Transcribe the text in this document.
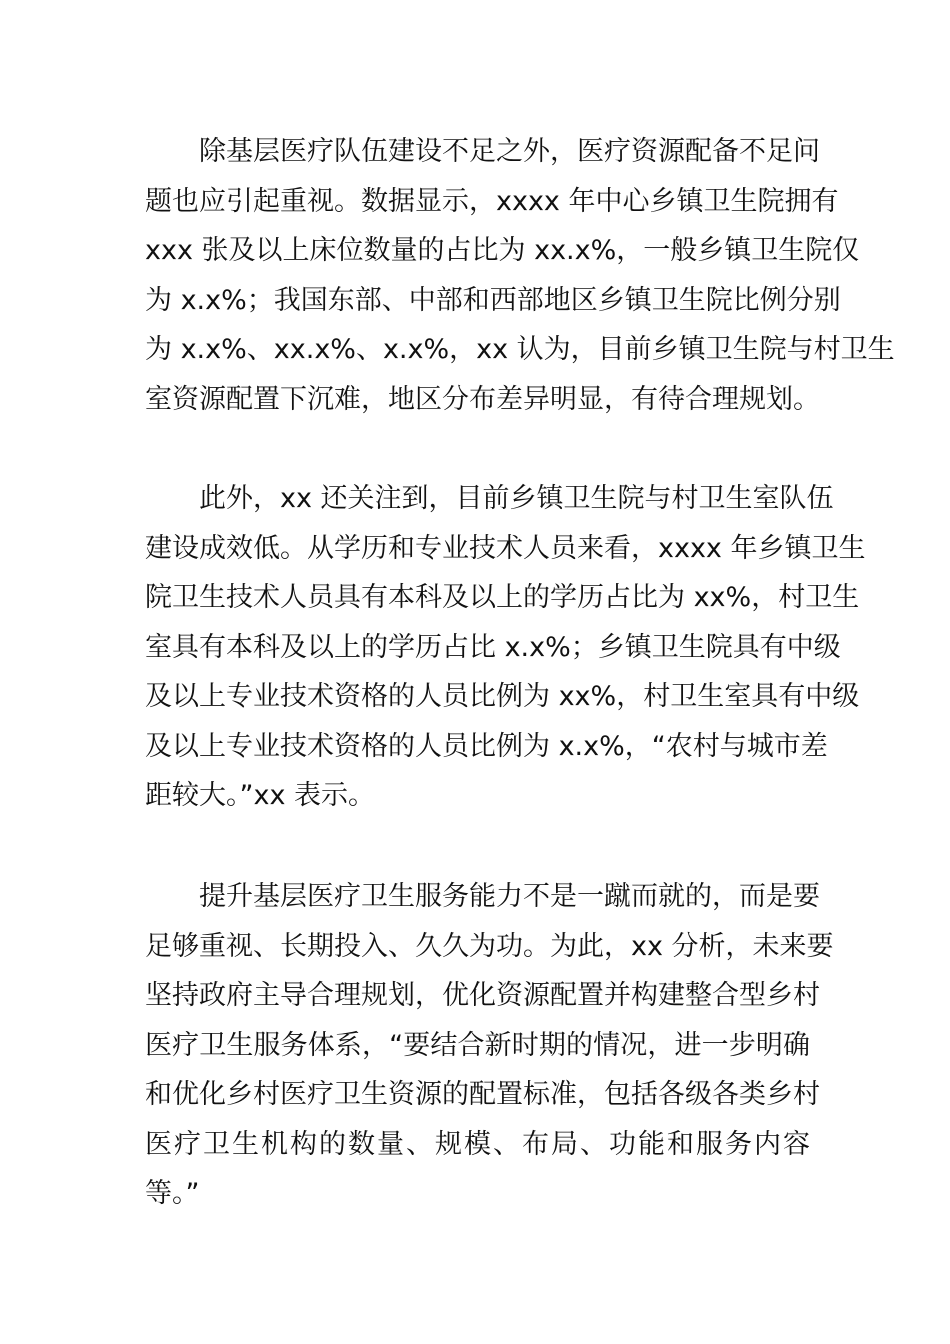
除基层医疗队伍建设不足之外，医疗资源配备不足问
题也应引起重视。数据显示，xxxx 年中心乡镇卫生院拥有
xxx 张及以上床位数量的占比为 xx.x%，一般乡镇卫生院仅
为 x.x%；我国东部、中部和西部地区乡镇卫生院比例分别
为 x.x%、xx.x%、x.x%，xx 认为，目前乡镇卫生院与村卫生
室资源配置下沉难，地区分布差异明显，有待合理规划。
此外，xx 还关注到，目前乡镇卫生院与村卫生室队伍
建设成效低。从学历和专业技术人员来看，xxxx 年乡镇卫生
院卫生技术人员具有本科及以上的学历占比为 xx%，村卫生
室具有本科及以上的学历占比 x.x%；乡镇卫生院具有中级
及以上专业技术资格的人员比例为 xx%，村卫生室具有中级
及以上专业技术资格的人员比例为 x.x%，“农村与城市差
距较大。”xx 表示。
提升基层医疗卫生服务能力不是一蹴而就的，而是要
足够重视、长期投入、久久为功。为此，xx 分析，未来要
坚持政府主导合理规划，优化资源配置并构建整合型乡村
医疗卫生服务体系，“要结合新时期的情况，进一步明确
和优化乡村医疗卫生资源的配置标准，包括各级各类乡村
医疗卫生机构的数量、规模、布局、功能和服务内容
等。”
